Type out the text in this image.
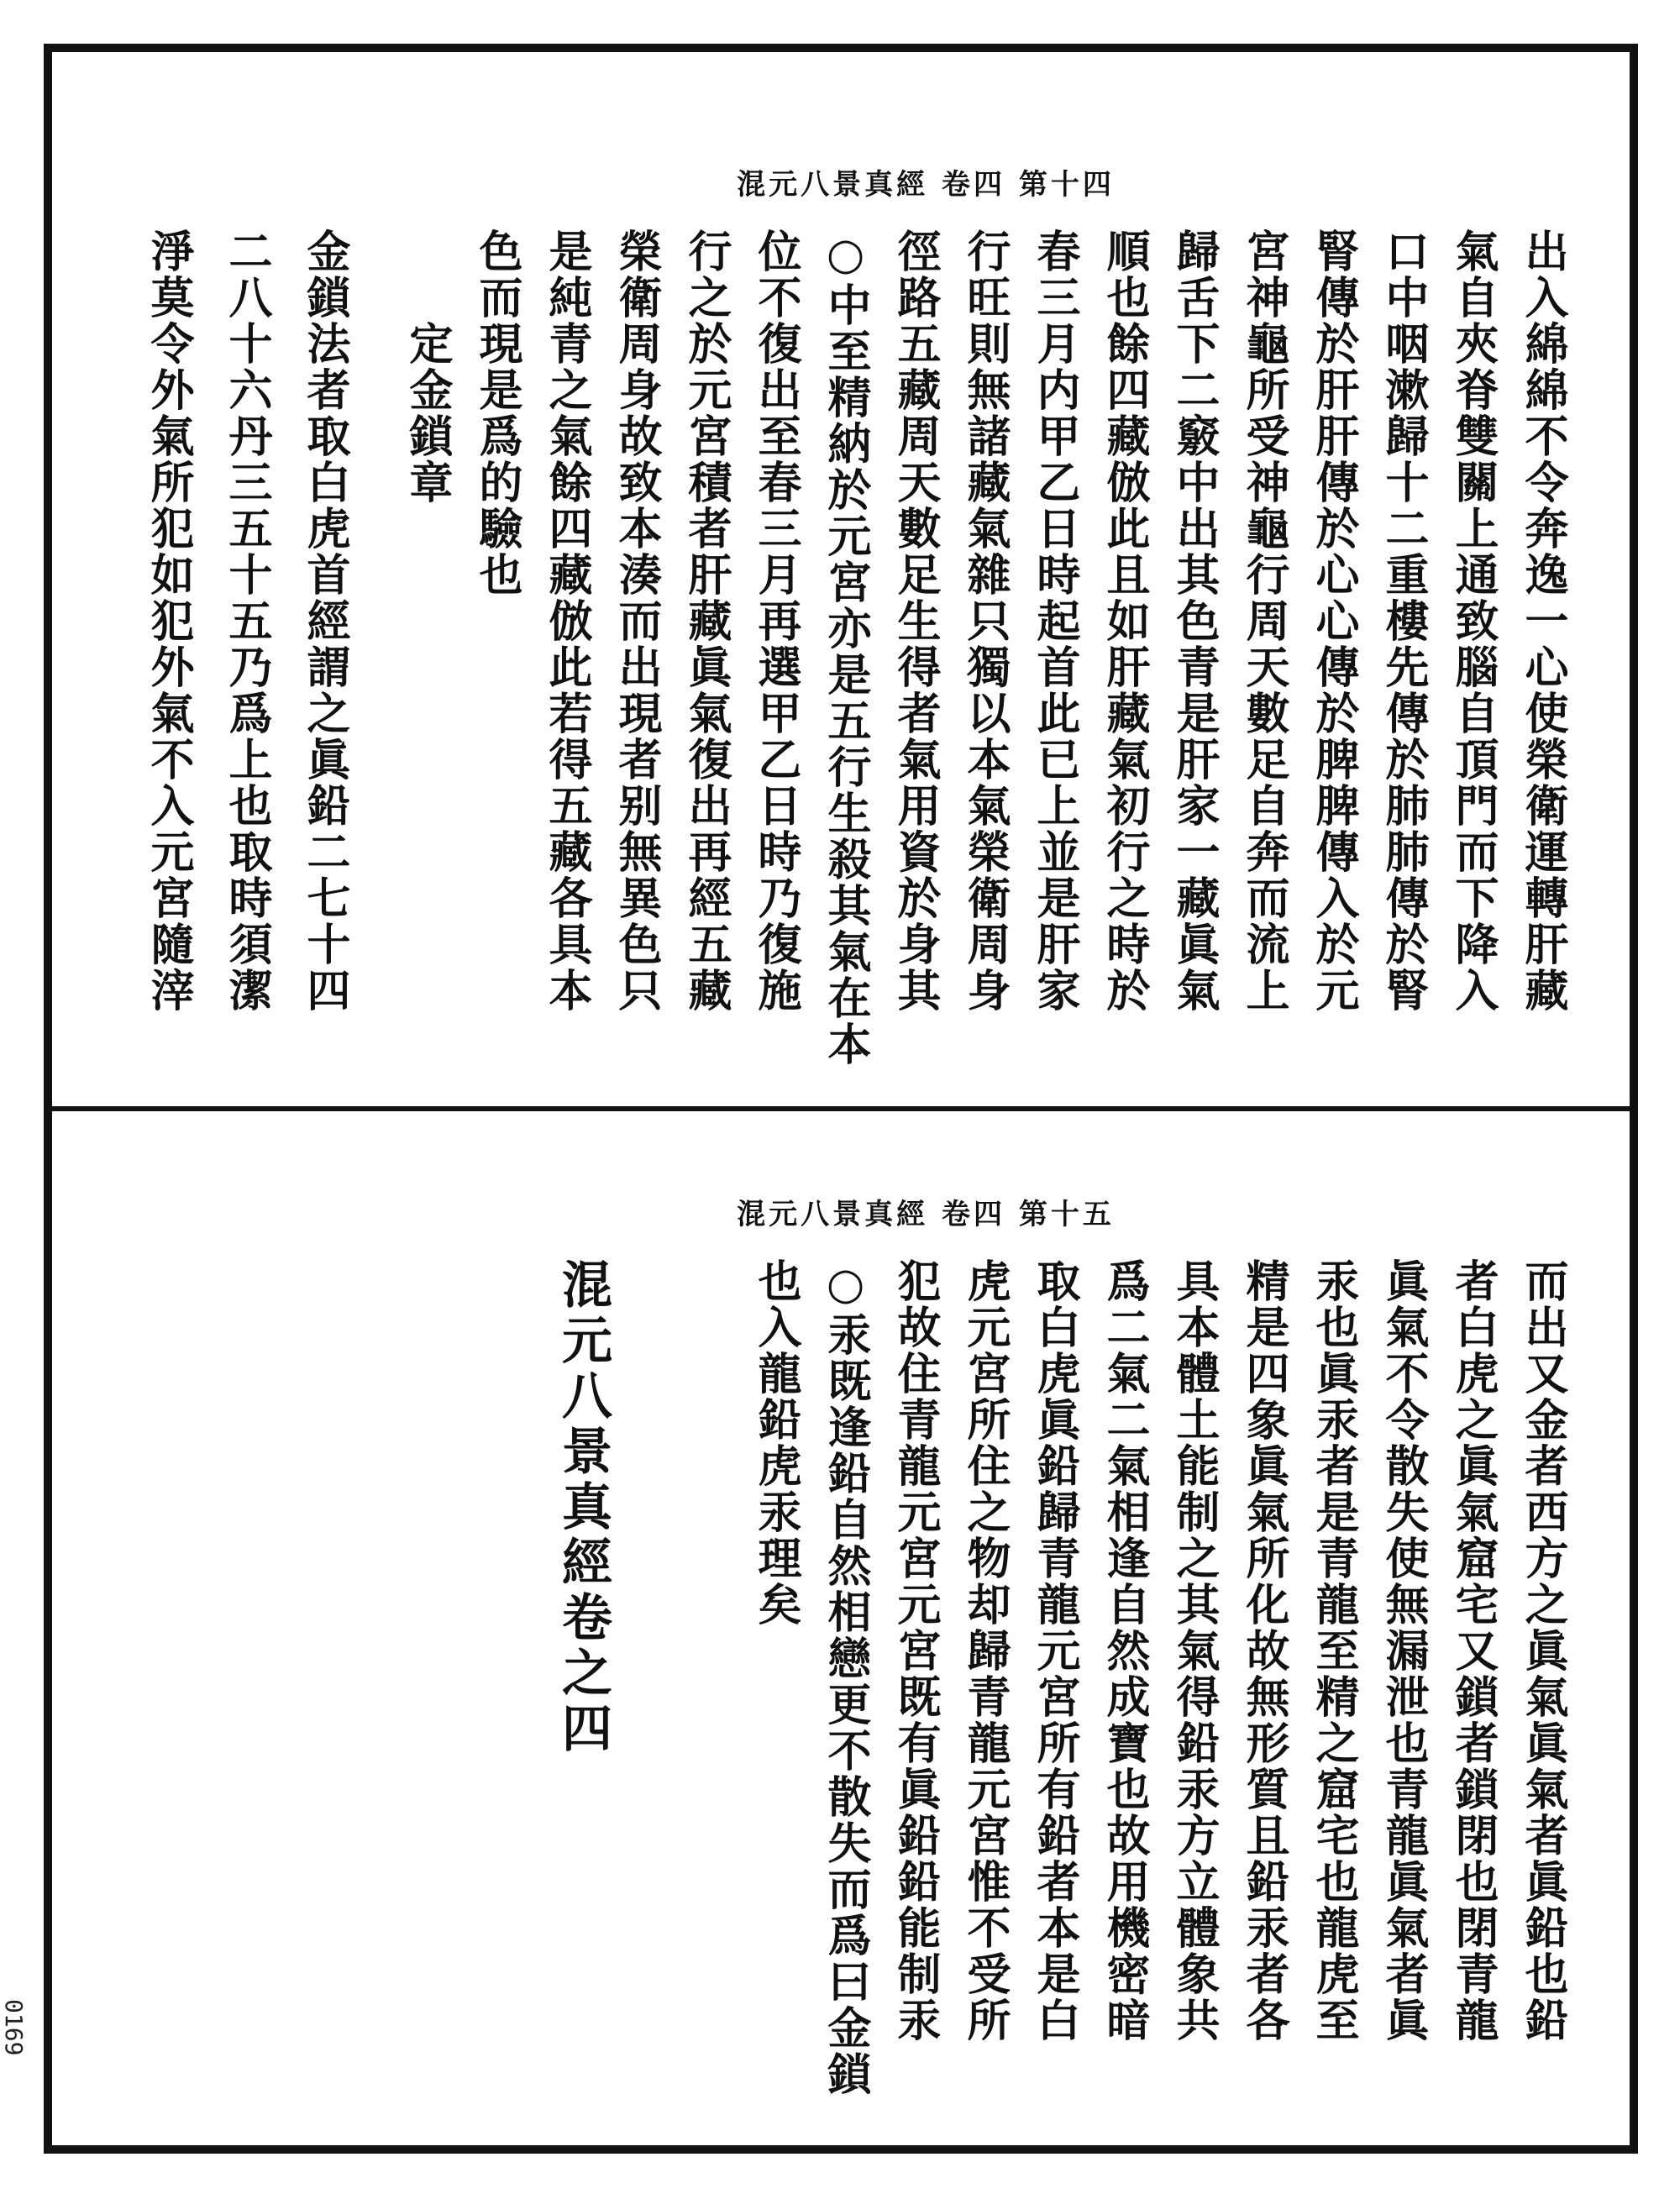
混元八景真經 卷四 第十四
出入綿綿不令奔逸一心使榮衛運轉肝藏
氣自夾脊雙關上通致腦自頂門而下降入
口中咽漱歸十二重樓先傳於肺肺傳於腎
腎傳於肝肝傳於心心傳於脾脾傳入於元
宮神龜所受神龜行周天數足自奔而流上
歸舌下二竅中出其色青是肝家一藏眞氣
順也餘四藏倣此且如肝藏氣初行之時於
春三月内甲乙日時起首此已上並是肝家
行旺則無諸藏氣雜只獨以本氣榮衛周身
徑路五藏周天數足生得者氣用資於身其
○中至精納於元宮亦是五行生殺其氣在本
位不復出至春三月再選甲乙日時乃復施
行之於元宮積者肝藏眞氣復出再經五藏
榮衛周身故致本湊而出現者别無異色只
是純青之氣餘四藏倣此若得五藏各具本
色而現是爲的驗也
　　定金鎖章
金鎖法者取白虎首經謂之眞鉛二七十四
二八十六丹三五十五乃爲上也取時須潔
淨莫令外氣所犯如犯外氣不入元宮隨滓
混元八景真經 卷四 第十五
而出又金者西方之眞氣眞氣者眞鉛也鉛
者白虎之眞氣窟宅又鎖者鎖閉也閉青龍
眞氣不令散失使無漏泄也青龍眞氣者眞
汞也眞汞者是青龍至精之窟宅也龍虎至
精是四象眞氣所化故無形質且鉛汞者各
具本體土能制之其氣得鉛汞方立體象共
爲二氣二氣相逢自然成寶也故用機密暗
取白虎眞鉛歸青龍元宮所有鉛者本是白
虎元宮所住之物却歸青龍元宮惟不受所
犯故住青龍元宮元宮既有眞鉛鉛能制汞
○汞既逢鉛自然相戀更不散失而爲曰金鎖
也入龍鉛虎汞理矣
混元八景真經卷之四
0169
